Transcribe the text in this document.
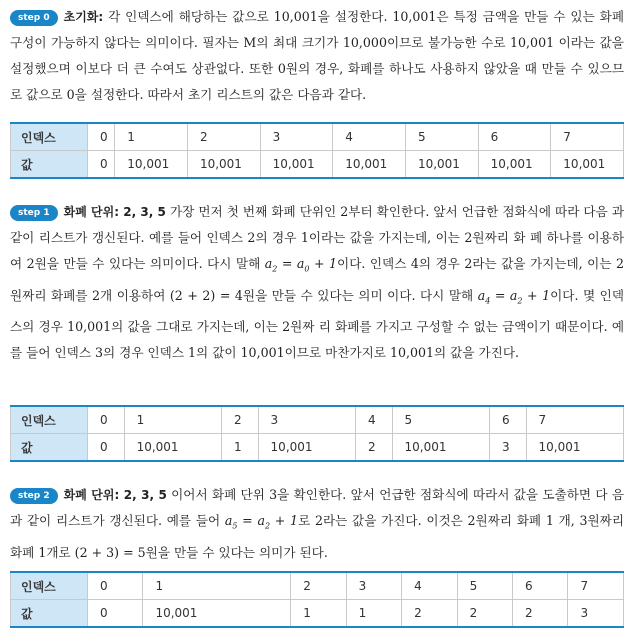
step 0 초기화: 각 인덱스에 해당하는 값으로 10,001을 설정한다. 10,001은 특정 금액을 만들 수 있는 화폐 구성이 가능하지 않다는 의미이다. 필자는 M의 최대 크기가 10,000이므로 불가능한 수로 10,001 이라는 값을 설정했으며 이보다 더 큰 수여도 상관없다. 또한 0원의 경우, 화폐를 하나도 사용하지 않았을 때 만들 수 있으므로 값으로 0을 설정한다. 따라서 초기 리스트의 값은 다음과 같다.

인덱스	0	1	2	3	4	5	6	7
값	0	10,001	10,001	10,001	10,001	10,001	10,001	10,001

step 1 화폐 단위: 2, 3, 5 가장 먼저 첫 번째 화폐 단위인 2부터 확인한다. 앞서 언급한 점화식에 따라 다음 과 같이 리스트가 갱신된다. 예를 들어 인덱스 2의 경우 1이라는 값을 가지는데, 이는 2원짜리 화 폐 하나를 이용하여 2원을 만들 수 있다는 의미이다. 다시 말해 $a_2 = a_0 + 1$이다. 인덱스 4의 경우 2라는 값을 가지는데, 이는 2원짜리 화폐를 2개 이용하여 (2 + 2) = 4원을 만들 수 있다는 의미 이다. 다시 말해 $a_4 = a_2 + 1$이다. 몇 인덱스의 경우 10,001의 값을 그대로 가지는데, 이는 2원짜 리 화폐를 가지고 구성할 수 없는 금액이기 때문이다. 예를 들어 인덱스 3의 경우 인덱스 1의 값이 10,001이므로 마찬가지로 10,001의 값을 가진다.

인덱스	0	1	2	3	4	5	6	7
값	0	10,001	1	10,001	2	10,001	3	10,001

step 2 화폐 단위: 2, 3, 5 이어서 화폐 단위 3을 확인한다. 앞서 언급한 점화식에 따라서 값을 도출하면 다 음과 같이 리스트가 갱신된다. 예를 들어 $a_5 = a_2 + 1$로 2라는 값을 가진다. 이것은 2원짜리 화폐 1 개, 3원짜리 화폐 1개로 (2 + 3) = 5원을 만들 수 있다는 의미가 된다.

인덱스	0	1	2	3	4	5	6	7
값	0	10,001	1	1	2	2	2	3
